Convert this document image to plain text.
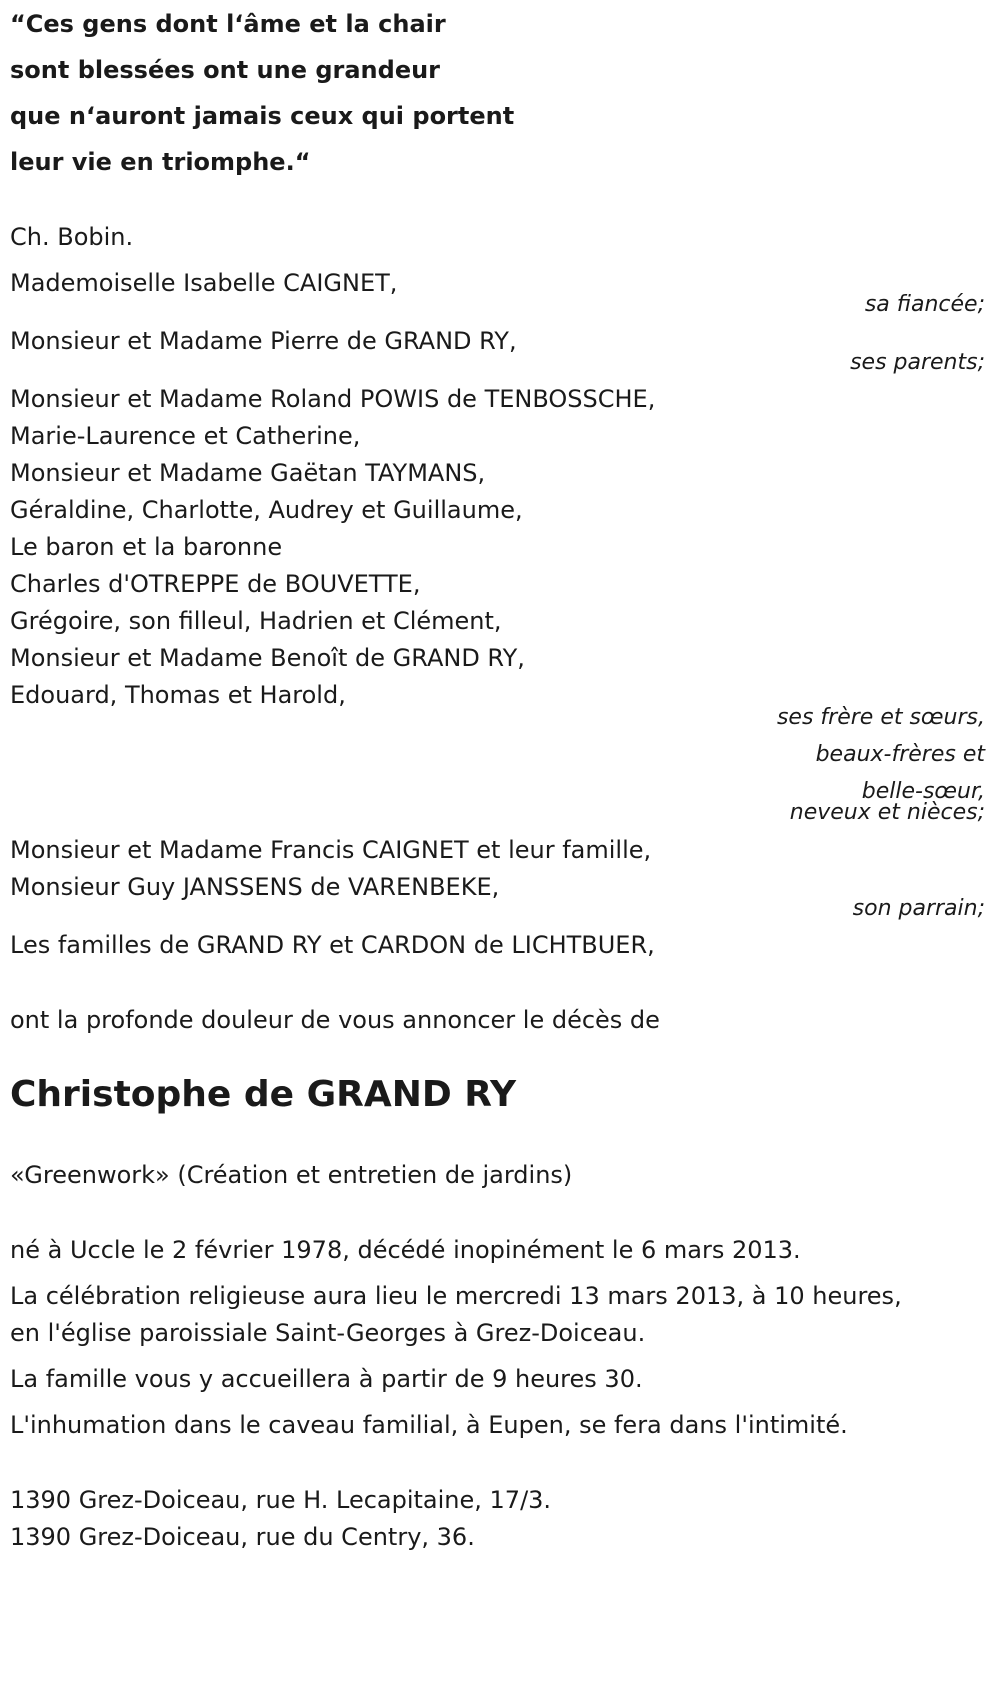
“Ces gens dont l‘âme et la chair
sont blessées ont une grandeur
que n‘auront jamais ceux qui portent
leur vie en triomphe.“
Ch. Bobin.
Mademoiselle Isabelle CAIGNET,
sa fiancée;
Monsieur et Madame Pierre de GRAND RY,
ses parents;
Monsieur et Madame Roland POWIS de TENBOSSCHE,
Marie-Laurence et Catherine,
Monsieur et Madame Gaëtan TAYMANS,
Géraldine, Charlotte, Audrey et Guillaume,
Le baron et la baronne
Charles d'OTREPPE de BOUVETTE,
Grégoire, son filleul, Hadrien et Clément,
Monsieur et Madame Benoît de GRAND RY,
Edouard, Thomas et Harold,
ses frère et sœurs,
beaux-frères et
belle-sœur,
neveux et nièces;
Monsieur et Madame Francis CAIGNET et leur famille,
Monsieur Guy JANSSENS de VARENBEKE,
son parrain;
Les familles de GRAND RY et CARDON de LICHTBUER,
ont la profonde douleur de vous annoncer le décès de
Christophe de GRAND RY
«Greenwork» (Création et entretien de jardins)
né à Uccle le 2 février 1978, décédé inopinément le 6 mars 2013.
La célébration religieuse aura lieu le mercredi 13 mars 2013, à 10 heures,
en l'église paroissiale Saint-Georges à Grez-Doiceau.
La famille vous y accueillera à partir de 9 heures 30.
L'inhumation dans le caveau familial, à Eupen, se fera dans l'intimité.
1390 Grez-Doiceau, rue H. Lecapitaine, 17/3.
1390 Grez-Doiceau, rue du Centry, 36.
